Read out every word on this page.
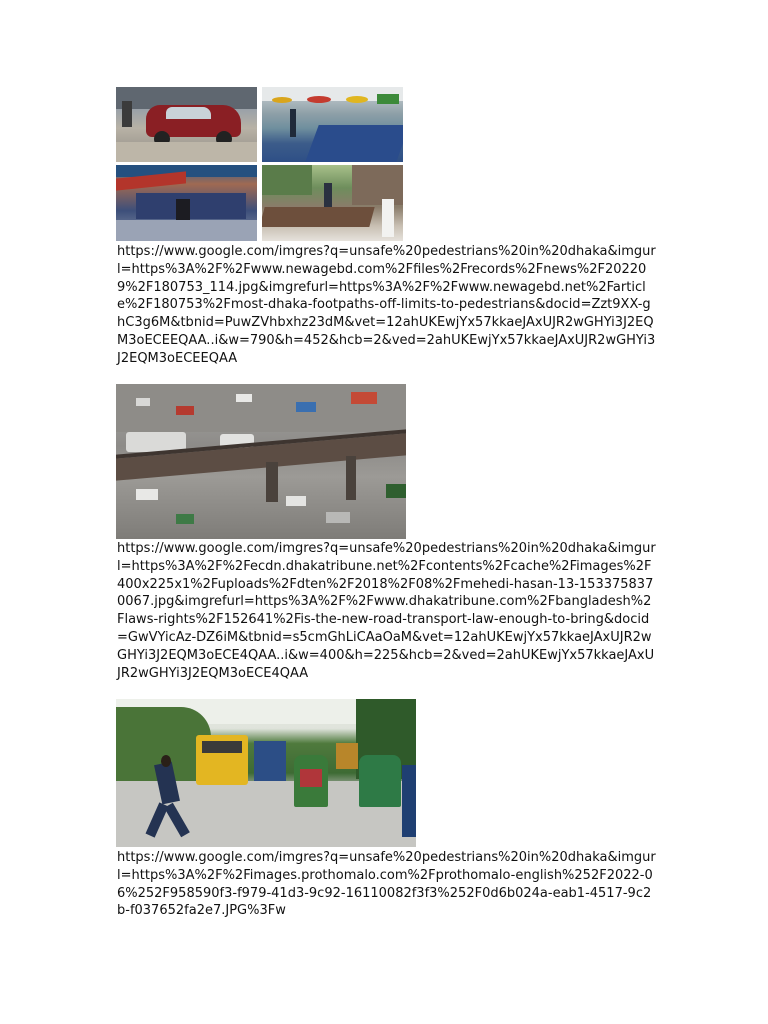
https://www.google.com/imgres?q=unsafe%20pedestrians%20in%20dhaka&imgurl=https%3A%2F%2Fwww.newagebd.com%2Ffiles%2Frecords%2Fnews%2F202209%2F180753_114.jpg&imgrefurl=https%3A%2F%2Fwww.newagebd.net%2Farticle%2F180753%2Fmost-dhaka-footpaths-off-limits-to-pedestrians&docid=Zzt9XX-ghC3g6M&tbnid=PuwZVhbxhz23dM&vet=12ahUKEwjYx57kkaeJAxUJR2wGHYi3J2EQM3oECEEQAA..i&w=790&h=452&hcb=2&ved=2ahUKEwjYx57kkaeJAxUJR2wGHYi3J2EQM3oECEEQAA
https://www.google.com/imgres?q=unsafe%20pedestrians%20in%20dhaka&imgurl=https%3A%2F%2Fecdn.dhakatribune.net%2Fcontents%2Fcache%2Fimages%2F400x225x1%2Fuploads%2Fdten%2F2018%2F08%2Fmehedi-hasan-13-1533758370067.jpg&imgrefurl=https%3A%2F%2Fwww.dhakatribune.com%2Fbangladesh%2Flaws-rights%2F152641%2Fis-the-new-road-transport-law-enough-to-bring&docid=GwVYicAz-DZ6iM&tbnid=s5cmGhLiCAaOaM&vet=12ahUKEwjYx57kkaeJAxUJR2wGHYi3J2EQM3oECE4QAA..i&w=400&h=225&hcb=2&ved=2ahUKEwjYx57kkaeJAxUJR2wGHYi3J2EQM3oECE4QAA
https://www.google.com/imgres?q=unsafe%20pedestrians%20in%20dhaka&imgurl=https%3A%2F%2Fimages.prothomalo.com%2Fprothomalo-english%252F2022-06%252F958590f3-f979-41d3-9c92-16110082f3f3%252F0d6b024a-eab1-4517-9c2b-f037652fa2e7.JPG%3Fw
